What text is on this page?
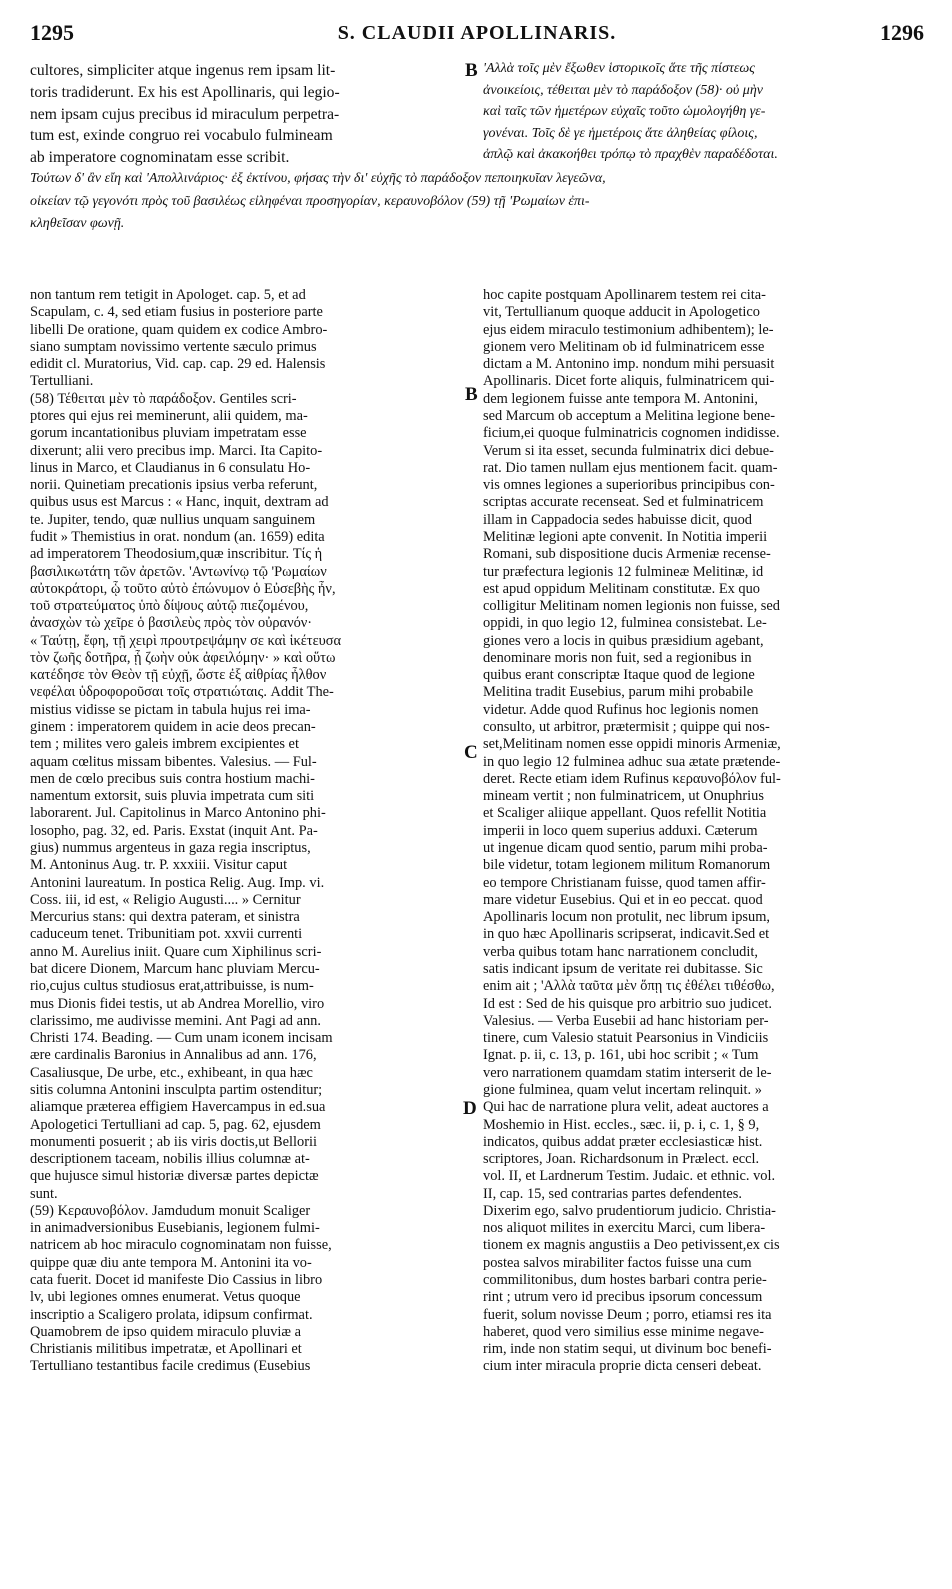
1295	S. CLAUDII APOLLINARIS.	1296
cultores, simpliciter atque ingenus rem ipsam lit-
toris tradiderunt. Ex his est Apollinaris, qui legio-
nem ipsam cujus precibus id miraculum perpetra-
tum est, exinde congruo rei vocabulo fulmineam
ab imperatore cognominatam esse scribit.
'Αλλὰ τοῖς μὲν ἔξωθεν ἱστορικοῖς ἅτε τῆς πίστεως
ἀνοικείοις, τέθειται μὲν τὸ παράδοξον (58)· οὐ μὴν
καὶ ταῖς τῶν ἡμετέρων εὐχαῖς τοῦτο ὡμολογήθη γε-
γονέναι. Τοῖς δὲ γε ἡμετέροις ἅτε ἀληθείας φίλοις,
ἁπλῷ καὶ ἀκακοήθει τρόπῳ τὸ πραχθὲν παραδέδοται.
Τούτων δ' ἂν εἴη καὶ 'Απολλινάριος· ἐξ ἐκτίνου, φήσας τὴν δι' εὐχῆς τὸ παράδοξον πεποιηκυῖαν λεγεῶνα,
οἰκείαν τῷ γεγονότι πρὸς τοῦ βασιλέως εἰληφέναι προσηγορίαν, κεραυνοβόλον (59) τῇ 'Ρωμαίων ἐπι-
κληθεῖσαν φωνῇ.
non tantum rem tetigit in Apologet. cap. 5, et ad
Scapulam, c. 4, sed etiam fusius in posteriore parte
libelli De oratione, quam quidem ex codice Ambro-
siano sumptam novissimo vertente sæculo primus
edidit cl. Muratorius, Vid. cap. cap. 29 ed. Halensis
Tertulliani.
(58) Τέθειται μὲν τὸ παράδοξον. Gentiles scri-
ptores qui ejus rei meminerunt, alii quidem, ma-
gorum incantationibus pluviam impetratam esse
dixerunt; alii vero precibus imp. Marci. Ita Capito-
linus in Marco, et Claudianus in 6 consulatu Ho-
norii. Quinetiam precationis ipsius verba referunt,
quibus usus est Marcus : « Hanc, inquit, dextram ad
te. Jupiter, tendo, quæ nullius unquam sanguinem
fudit » Themistius in orat. nondum (an. 1659) edita
ad imperatorem Theodosium,quæ inscribitur. Τίς ἡ
βασιλικωτάτη τῶν ἀρετῶν. 'Αντωνίνῳ τῷ 'Ρωμαίων
αὐτοκράτορι, ᾧ τοῦτο αὐτὸ ἐπώνυμον ὁ Εὐσεβὴς ἦν,
τοῦ στρατεύματος ὑπὸ δίψους αὐτῷ πιεζομένου,
ἀνασχὼν τὼ χεῖρε ὁ βασιλεὺς πρὸς τὸν οὐρανόν·
« Ταύτῃ, ἔφη, τῇ χειρὶ προυτρεψάμην σε καὶ ἱκέτευσα
τὸν ζωῆς δοτῆρα, ᾗ ζωὴν οὐκ ἀφειλόμην· » καὶ οὕτω
κατέδησε τὸν Θεὸν τῇ εὐχῇ, ὥστε ἐξ αἰθρίας ἦλθον
νεφέλαι ὑδροφοροῦσαι τοῖς στρατιώταις. Addit The-
mistius vidisse se pictam in tabula hujus rei ima-
ginem : imperatorem quidem in acie deos precan-
tem ; milites vero galeis imbrem excipientes et
aquam cœlitus missam bibentes. Valesius. — Ful-
men de cœlo precibus suis contra hostium machi-
namentum extorsit, suis pluvia impetrata cum siti
laborarent. Jul. Capitolinus in Marco Antonino phi-
losopho, pag. 32, ed. Paris. Exstat (inquit Ant. Pa-
gius) nummus argenteus in gaza regia inscriptus,
M. Antoninus Aug. tr. P. xxxiii. Visitur caput
Antonini laureatum. In postica Relig. Aug. Imp. vi.
Coss. iii, id est, « Religio Augusti.... » Cernitur
Mercurius stans: qui dextra pateram, et sinistra
caduceum tenet. Tribunitiam pot. xxvii currenti
anno M. Aurelius iniit. Quare cum Xiphilinus scri-
bat dicere Dionem, Marcum hanc pluviam Mercu-
rio,cujus cultus studiosus erat,attribuisse, is num-
mus Dionis fidei testis, ut ab Andrea Morellio, viro
clarissimo, me audivisse memini. Ant Pagi ad ann.
Christi 174. Beading. — Cum unam iconem incisam
ære cardinalis Baronius in Annalibus ad ann. 176,
Casaliusque, De urbe, etc., exhibeant, in qua hæc
sitis columna Antonini insculpta partim ostenditur;
aliamque præterea effigiem Havercampus in ed.sua
Apologetici Tertulliani ad cap. 5, pag. 62, ejusdem
monumenti posuerit ; ab iis viris doctis,ut Bellorii
descriptionem taceam, nobilis illius columnæ at-
que hujusce simul historiæ diversæ partes depictæ
sunt.
(59) Κεραυνοβόλον. Jamdudum monuit Scaliger
in animadversionibus Eusebianis, legionem fulmi-
natricem ab hoc miraculo cognominatam non fuisse,
quippe quæ diu ante tempora M. Antonini ita vo-
cata fuerit. Docet id manifeste Dio Cassius in libro
lv, ubi legiones omnes enumerat. Vetus quoque
inscriptio a Scaligero prolata, idipsum confirmat.
Quamobrem de ipso quidem miraculo pluviæ a
Christianis militibus impetratæ, et Apollinari et
Tertulliano testantibus facile credimus (Eusebius
hoc capite postquam Apollinarem testem rei cita-
vit, Tertullianum quoque adducit in Apologetico
ejus eidem miraculo testimonium adhibentem); le-
gionem vero Melitinam ob id fulminatricem esse
dictam a M. Antonino imp. nondum mihi persuasit
Apollinaris. Dicet forte aliquis, fulminatricem qui-
dem legionem fuisse ante tempora M. Antonini,
sed Marcum ob acceptum a Melitina legione bene-
ficium,ei quoque fulminatricis cognomen indidisse.
Verum si ita esset, secunda fulminatrix dici debue-
rat. Dio tamen nullam ejus mentionem facit. quam-
vis omnes legiones a superioribus principibus con-
scriptas accurate recenseat. Sed et fulminatricem
illam in Cappadocia sedes habuisse dicit, quod
Melitinæ legioni apte convenit. In Notitia imperii
Romani, sub dispositione ducis Armeniæ recense-
tur præfectura legionis 12 fulmineæ Melitinæ, id
est apud oppidum Melitinam constitutæ. Ex quo
colligitur Melitinam nomen legionis non fuisse, sed
oppidi, in quo legio 12, fulminea consistebat. Le-
giones vero a locis in quibus præsidium agebant,
denominare moris non fuit, sed a regionibus in
quibus erant conscriptæ Itaque quod de legione
Melitina tradit Eusebius, parum mihi probabile
videtur. Adde quod Rufinus hoc legionis nomen
consulto, ut arbitror, prætermisit ; quippe qui nos-
set,Melitinam nomen esse oppidi minoris Armeniæ,
in quo legio 12 fulminea adhuc sua ætate prætende-
deret. Recte etiam idem Rufinus κεραυνοβόλον ful-
mineam vertit ; non fulminatricem, ut Onuphrius
et Scaliger aliique appellant. Quos refellit Notitia
imperii in loco quem superius adduxi. Cæterum
ut ingenue dicam quod sentio, parum mihi proba-
bile videtur, totam legionem militum Romanorum
eo tempore Christianam fuisse, quod tamen affir-
mare videtur Eusebius. Qui et in eo peccat. quod
Apollinaris locum non protulit, nec librum ipsum,
in quo hæc Apollinaris scripserat, indicavit.Sed et
verba quibus totam hanc narrationem concludit,
satis indicant ipsum de veritate rei dubitasse. Sic
enim ait ; 'Αλλὰ ταῦτα μὲν ὅπῃ τις ἐθέλει τιθέσθω,
Id est : Sed de his quisque pro arbitrio suo judicet.
Valesius. — Verba Eusebii ad hanc historiam per-
tinere, cum Valesio statuit Pearsonius in Vindiciis
Ignat. p. ii, c. 13, p. 161, ubi hoc scribit ; « Tum
vero narrationem quamdam statim interserit de le-
gione fulminea, quam velut incertam relinquit. »
Qui hac de narratione plura velit, adeat auctores a
Moshemio in Hist. eccles., sæc. ii, p. i, c. 1, § 9,
indicatos, quibus addat præter ecclesiasticæ hist.
scriptores, Joan. Richardsonum in Prælect. eccl.
vol. II, et Lardnerum Testim. Judaic. et ethnic. vol.
II, cap. 15, sed contrarias partes defendentes.
Dixerim ego, salvo prudentiorum judicio. Christia-
nos aliquot milites in exercitu Marci, cum libera-
tionem ex magnis angustiis a Deo petivissent,ex cis
postea salvos mirabiliter factos fuisse una cum
commilitonibus, dum hostes barbari contra perie-
rint ; utrum vero id precibus ipsorum concessum
fuerit, solum novisse Deum ; porro, etiamsi res ita
haberet, quod vero similius esse minime negave-
rim, inde non statim sequi, ut divinum boc benefi-
cium inter miracula proprie dicta censeri debeat.
B
B
C
D
